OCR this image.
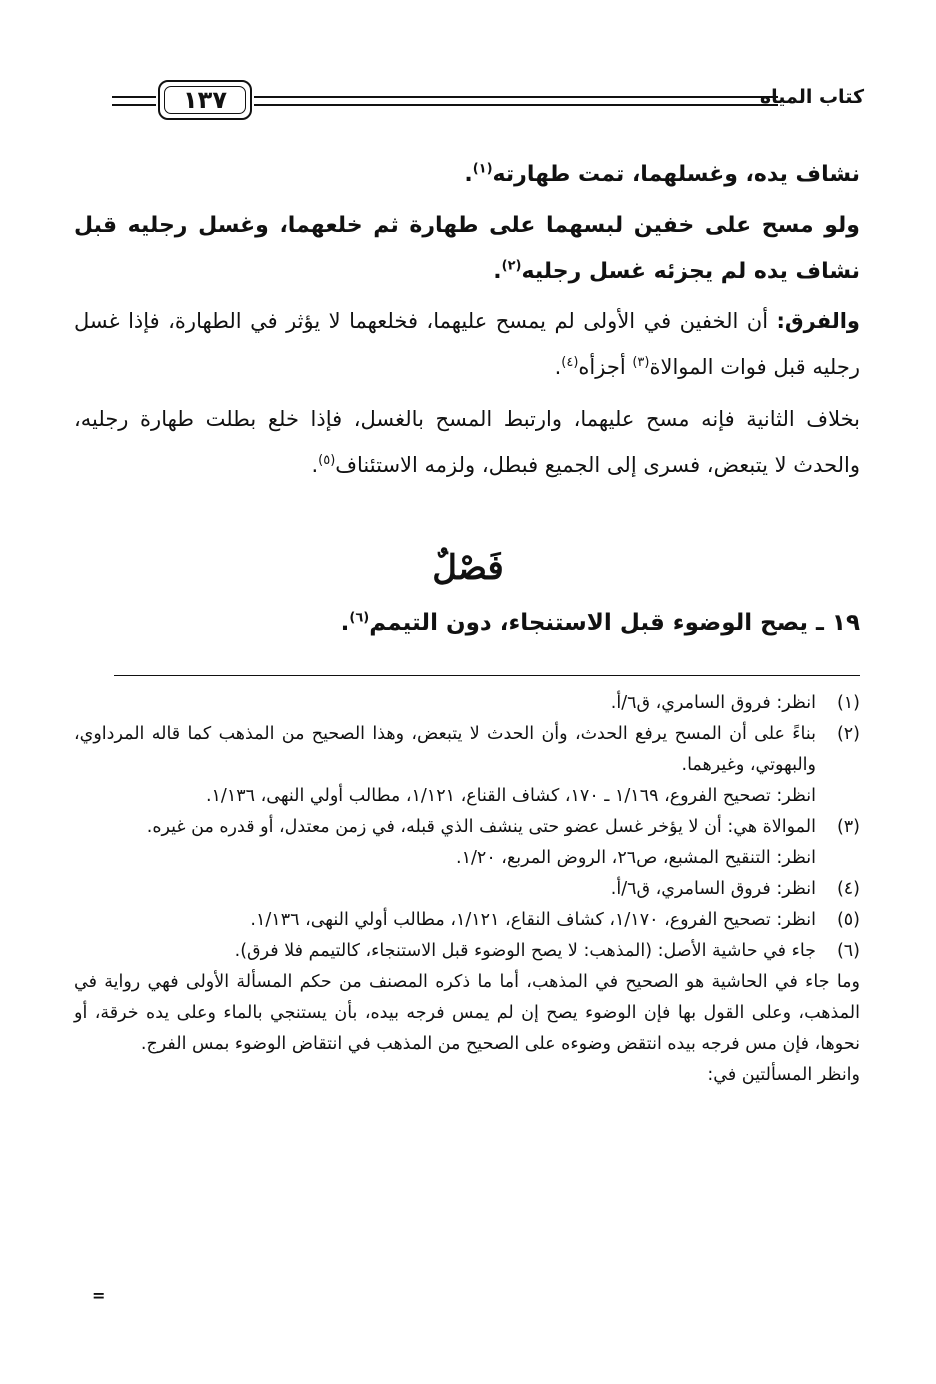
١٣٧	كتاب المياه
نشاف يده، وغسلهما، تمت طهارته$^{(١)}$.
ولو مسح على خفين لبسهما على طهارة ثم خلعهما، وغسل رجليه قبل نشاف يده لم يجزئه غسل رجليه$^{(٢)}$.
والفرق: أن الخفين في الأولى لم يمسح عليهما، فخلعهما لا يؤثر في الطهارة، فإذا غسل رجليه قبل فوات الموالاة$^{(٣)}$ أجزأه$^{(٤)}$.
بخلاف الثانية فإنه مسح عليهما، وارتبط المسح بالغسل، فإذا خلع بطلت طهارة رجليه، والحدث لا يتبعض، فسرى إلى الجميع فبطل، ولزمه الاستئناف$^{(٥)}$.
فَصْلٌ
١٩ ـ يصح الوضوء قبل الاستنجاء، دون التيمم$^{(٦)}$.
(١)
انظر: فروق السامري، ق٦/أ.
(٢)
بناءً على أن المسح يرفع الحدث، وأن الحدث لا يتبعض، وهذا الصحيح من المذهب كما قاله المرداوي، والبهوتي، وغيرهما.
انظر: تصحيح الفروع، ١/١٦٩ ـ ١٧٠، كشاف القناع، ١/١٢١، مطالب أولي النهى، ١/١٣٦.
(٣)
الموالاة هي: أن لا يؤخر غسل عضو حتى ينشف الذي قبله، في زمن معتدل، أو قدره من غيره.
انظر: التنقيح المشبع، ص٢٦، الروض المربع، ١/٢٠.
(٤)
انظر: فروق السامري، ق٦/أ.
(٥)
انظر: تصحيح الفروع، ١/١٧٠، كشاف النقاع، ١/١٢١، مطالب أولي النهى، ١/١٣٦.
(٦)
جاء في حاشية الأصل: (المذهب: لا يصح الوضوء قبل الاستنجاء، كالتيمم فلا فرق).
وما جاء في الحاشية هو الصحيح في المذهب، أما ما ذكره المصنف من حكم المسألة الأولى فهي رواية في المذهب، وعلى القول بها فإن الوضوء يصح إن لم يمس فرجه بيده، بأن يستنجي بالماء وعلى يده خرقة، أو نحوها، فإن مس فرجه بيده انتقض وضوءه على الصحيح من المذهب في انتقاض الوضوء بمس الفرج.
وانظر المسألتين في:
=
